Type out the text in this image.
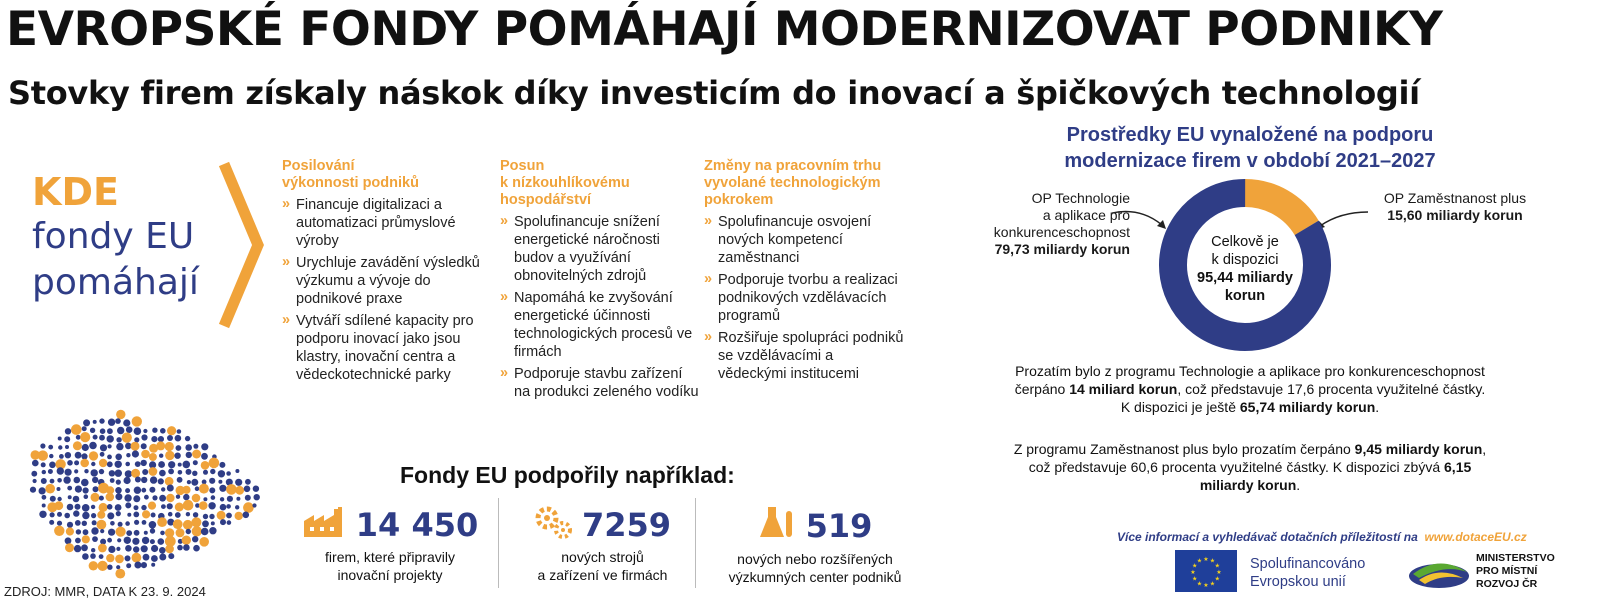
EVROPSKÉ FONDY POMÁHAJÍ MODERNIZOVAT PODNIKY
Stovky firem získaly náskok díky investicím do inovací a špičkových technologií
KDE
fondy EU
pomáhají
Posilování
výkonnosti podniků
» Financuje digitalizaci a automatizaci průmyslové výroby
» Urychluje zavádění výsledků výzkumu a vývoje do podnikové praxe
» Vytváří sdílené kapacity pro podporu inovací jako jsou klastry, inovační centra a vědeckotechnické parky
Posun
k nízkouhlíkovému
hospodářství
» Spolufinancuje snížení energetické náročnosti budov a využívání obnovitelných zdrojů
» Napomáhá ke zvyšování energetické účinnosti technologických procesů ve firmách
» Podporuje stavbu zařízení na produkci zeleného vodíku
Změny na pracovním trhu
vyvolané technologickým
pokrokem
» Spolufinancuje osvojení nových kompetencí zaměstnanci
» Podporuje tvorbu a realizaci podnikových vzdělávacích programů
» Rozšiřuje spolupráci podniků se vzdělávacími a vědeckými institucemi
Fondy EU podpořily například:
14 450
firem, které připravily
inovační projekty
7259
nových strojů
a zařízení ve firmách
519
nových nebo rozšířených
výzkumných center podniků
ZDROJ: MMR, DATA K 23. 9. 2024
Prostředky EU vynaložené na podporu
modernizace firem v období 2021–2027
OP Technologie
a aplikace pro
konkurenceschopnost
79,73 miliardy korun
OP Zaměstnanost plus
15,60 miliardy korun
Celkově je
k dispozici
95,44 miliardy
korun
Prozatím bylo z programu Technologie a aplikace pro konkurenceschopnost čerpáno 14 miliard korun, což představuje 17,6 procenta využitelné částky. K dispozici je ještě 65,74 miliardy korun.
Z programu Zaměstnanost plus bylo prozatím čerpáno 9,45 miliardy korun, což představuje 60,6 procenta využitelné částky. K dispozici zbývá 6,15 miliardy korun.
Více informací a vyhledávač dotačních příležitostí na www.dotaceEU.cz
★
★
★
★
★
★
★
★
★ ★ ★
★ Spolufinancováno
Evropskou unií
MINISTERSTVO
PRO MÍSTNÍ
ROZVOJ ČR
